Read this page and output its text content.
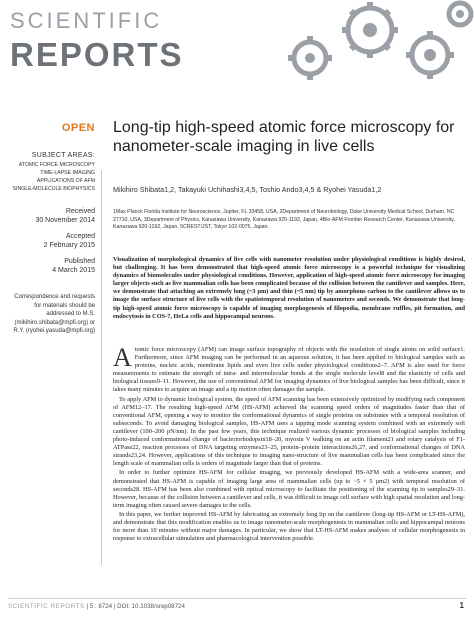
SCIENTIFIC
REPORTS
OPEN
SUBJECT AREAS:
ATOMIC FORCE MICROSCOPY
TIME-LAPSE IMAGING
APPLICATIONS OF AFM
SINGLE-MOLECULE BIOPHYSICS
Received
30 November 2014
Accepted
2 February 2015
Published
4 March 2015
Correspondence and requests for materials should be addressed to M.S. (mikihiro.shibata@mpfi.org) or R.Y. (ryohei.yasuda@mpfi.org)
Long-tip high-speed atomic force microscopy for nanometer-scale imaging in live cells
Mikihiro Shibata1,2, Takayuki Uchihashi3,4,5, Toshio Ando3,4,5 & Ryohei Yasuda1,2
1Max Planck Florida Institute for Neuroscience, Jupiter, FL 33458, USA, 2Department of Neurobiology, Duke University Medical School, Durham, NC 27710, USA, 3Department of Physics, Kanazawa University, Kanazawa 920-1192, Japan, 4Bio-AFM Frontier Research Center, Kanazawa University, Kanazawa 920-1192, Japan, 5CREST/JST, Tokyo 102-0075, Japan.
Visualization of morphological dynamics of live cells with nanometer resolution under physiological conditions is highly desired, but challenging. It has been demonstrated that high-speed atomic force microscopy is a powerful technique for visualizing dynamics of biomolecules under physiological conditions. However, application of high-speed atomic force microscopy for imaging larger objects such as live mammalian cells has been complicated because of the collision between the cantilever and samples. Here, we demonstrate that attaching an extremely long (~3 µm) and thin (~5 nm) tip by amorphous carbon to the cantilever allows us to image the surface structure of live cells with the spatiotemporal resolution of nanometers and seconds. We demonstrate that long-tip high-speed atomic force microscopy is capable of imaging morphogenesis of filopodia, membrane ruffles, pit formation, and endocytosis in COS-7, HeLa cells and hippocampal neurons.

Atomic force microscopy (AFM) can image surface topography of objects with the resolution of single atoms on solid surface1. Furthermore, since AFM imaging can be performed in an aqueous solution, it has been applied to biological samples such as proteins, nucleic acids, membrane lipids and even live cells under physiological conditions2–7. AFM is also used for force measurements to estimate the strength of intra- and intermolecular bonds at the single molecule level8 and the elasticity of cells and biological tissues9–11. However, the use of conventional AFM for imaging dynamics of live biological samples has been difficult, since it takes many minutes to acquire an image and a tip motion often damages the sample.

To apply AFM to dynamic biological system, the speed of AFM scanning has been extensively optimized by modifying each component of AFM12–17. The resulting high-speed AFM (HS-AFM) achieved the scanning speed orders of magnitudes faster than that of conventional AFM, opening a way to monitor the conformational dynamics of single proteins on substrates with a temporal resolution of subseconds. To avoid damaging biological samples, HS-AFM uses a tapping mode scanning system combined with an extremely soft cantilever (100–200 pN/nm). In the past few years, this technique realized various dynamic processes of biological samples including photo-induced conformational change of bacteriorhodopsin18–20, myosin V walking on an actin filament21 and rotary catalysis of F1-ATPase22, reaction processes of DNA targeting enzymes23–25, protein–protein interactions26,27, and conformational changes of DNA strands23,24. However, applications of this technique to imaging nano-structure of live mammalian cells has been complicated since the length scale of mammalian cells is orders of magnitude larger than that of proteins.

In order to further optimize HS-AFM for cellular imaging, we previously developed HS-AFM with a wide-area scanner, and demonstrated that HS-AFM is capable of imaging large area of mammalian cells (up to ~5 × 5 µm2) with temporal resolution of seconds28. HS-AFM has been also combined with optical microscopy to facilitate the positioning of the scanning tip to samples29–31. However, because of the collision between a cantilever and cells, it was difficult to image cell surface with high spatial resolution and long-term imaging often caused severe damages to the cells.

In this paper, we further improved HS-AFM by fabricating an extremely long tip on the cantilever (long-tip HS-AFM or LT-HS-AFM), and demonstrate that this modification enables us to image nanometer-scale morphogenesis in mammalian cells and hippocampal neurons for more than 10 minutes without major damages. In particular, we show that LT-HS-AFM makes analyses of cellular morphogenesis in response to extracellular stimulation and pharmacological intervention possible.

SCIENTIFIC REPORTS | 5 : 8724 | DOI: 10.1038/srep08724	1
